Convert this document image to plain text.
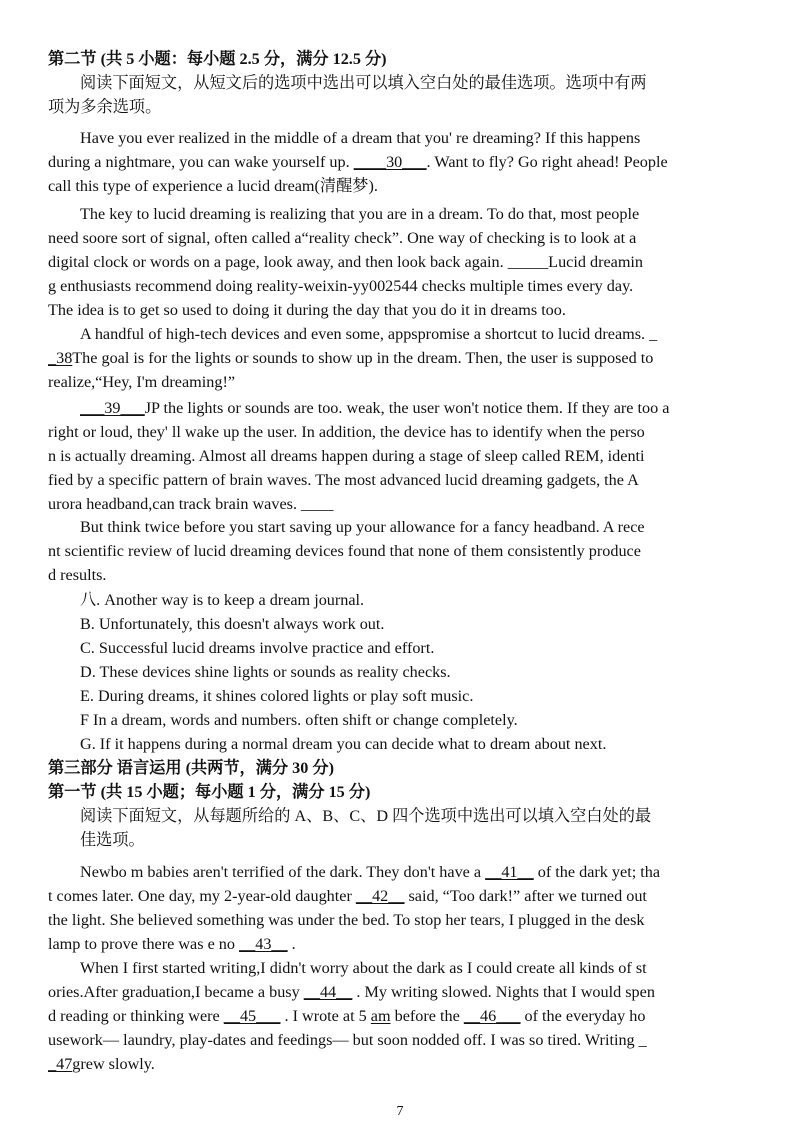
第二节 (共 5 小题：每小题 2.5 分，满分 12.5 分)
阅读下面短文，从短文后的选项中选出可以填入空白处的最佳选项。选项中有两
项为多余选项。
Have you ever realized in the middle of a dream that you' re dreaming? If this happens
during a nightmare, you can wake yourself up. ____30___. Want to fly? Go right ahead! People
call this type of experience a lucid dream(清醒梦).
The key to lucid dreaming is realizing that you are in a dream. To do that, most people
need soore sort of signal, often called a“reality check”. One way of checking is to look at a
digital clock or words on a page, look away, and then look back again. _____Lucid dreamin
g enthusiasts recommend doing reality-weixin-yy002544 checks multiple times every day.
The idea is to get so used to doing it during the day that you do it in dreams too.
A handful of high-tech devices and even some, appspromise a shortcut to lucid dreams. _
_38The goal is for the lights or sounds to show up in the dream. Then, the user is supposed to
realize,“Hey, I'm dreaming!”
___39___JP the lights or sounds are too. weak, the user won't notice them. If they are too a
right or loud, they' ll wake up the user. In addition, the device has to identify when the perso
n is actually dreaming. Almost all dreams happen during a stage of sleep called REM, identi
fied by a specific pattern of brain waves. The most advanced lucid dreaming gadgets, the A
urora headband,can track brain waves. ____
But think twice before you start saving up your allowance for a fancy headband. A rece
nt scientific review of lucid dreaming devices found that none of them consistently produce
d results.
八. Another way is to keep a dream journal.
B. Unfortunately, this doesn't always work out.
C. Successful lucid dreams involve practice and effort.
D. These devices shine lights or sounds as reality checks.
E. During dreams, it shines colored lights or play soft music.
F In a dream, words and numbers. often shift or change completely.
G. If it happens during a normal dream you can decide what to dream about next.
第三部分 语言运用 (共两节，满分 30 分)
第一节 (共 15 小题；每小题 1 分，满分 15 分)
阅读下面短文，从每题所给的 A、B、C、D 四个选项中选出可以填入空白处的最
佳选项。
Newbo m babies aren't terrified of the dark. They don't have a __41__ of the dark yet; tha
t comes later. One day, my 2-year-old daughter __42__ said, “Too dark!” after we turned out
the light. She believed something was under the bed. To stop her tears, I plugged in the desk
lamp to prove there was e no __43__ .
When I first started writing,I didn't worry about the dark as I could create all kinds of st
ories.After graduation,I became a busy __44__ . My writing slowed. Nights that I would spen
d reading or thinking were __45___ . I wrote at 5 am before the __46___ of the everyday ho
usework— laundry, play-dates and feedings— but soon nodded off. I was so tired. Writing _
_47grew slowly.
7
